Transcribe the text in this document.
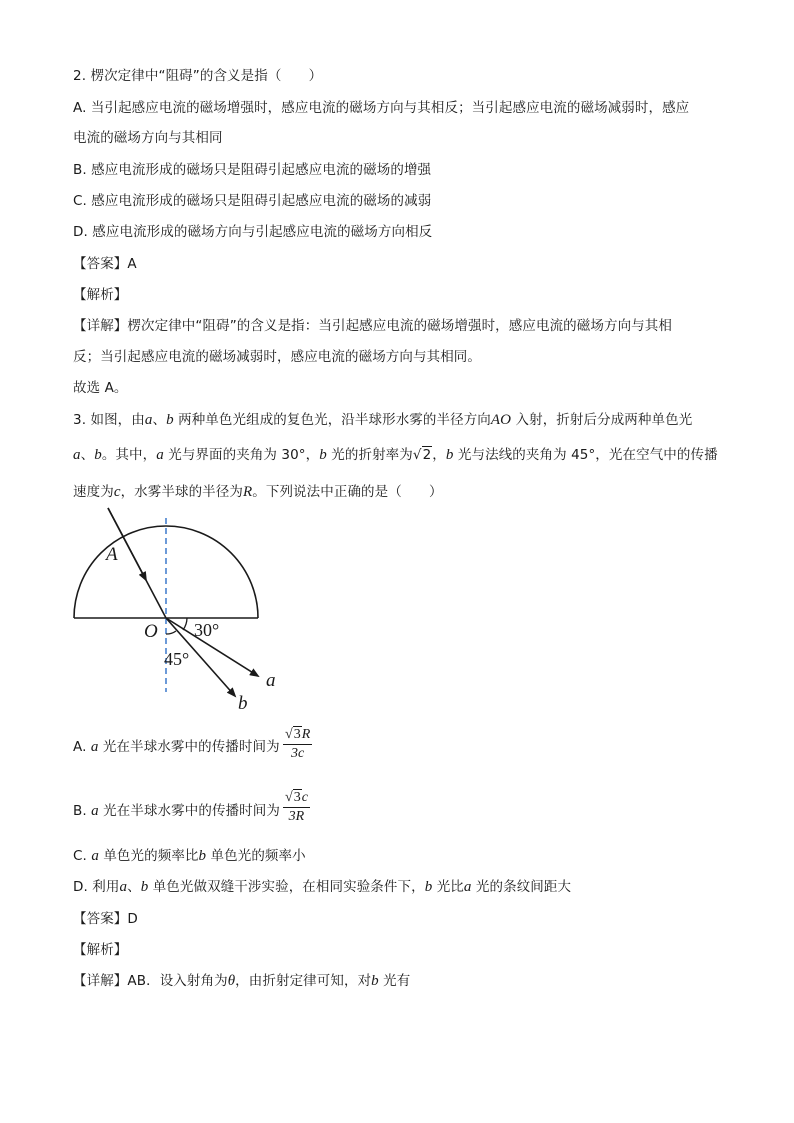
2. 楞次定律中“阻碍”的含义是指（　　）
A. 当引起感应电流的磁场增强时，感应电流的磁场方向与其相反；当引起感应电流的磁场减弱时，感应
电流的磁场方向与其相同
B. 感应电流形成的磁场只是阻碍引起感应电流的磁场的增强
C. 感应电流形成的磁场只是阻碍引起感应电流的磁场的减弱
D. 感应电流形成的磁场方向与引起感应电流的磁场方向相反
【答案】A
【解析】
【详解】楞次定律中“阻碍”的含义是指：当引起感应电流的磁场增强时，感应电流的磁场方向与其相
反；当引起感应电流的磁场减弱时，感应电流的磁场方向与其相同。
故选 A。
3. 如图，由a、b 两种单色光组成的复色光，沿半球形水雾的半径方向AO 入射，折射后分成两种单色光
a、b。其中，a 光与界面的夹角为 30°，b 光的折射率为√2，b 光与法线的夹角为 45°，光在空气中的传播
速度为c，水雾半球的半径为R。下列说法中正确的是（　　）
A
O 30°
45°
a
b
A. a 光在半球水雾中的传播时间为 $\frac{√3R}{3c}$
B. a 光在半球水雾中的传播时间为 $\frac{√3c}{3R}$
C. a 单色光的频率比b 单色光的频率小
D. 利用a、b 单色光做双缝干涉实验，在相同实验条件下，b 光比a 光的条纹间距大
【答案】D
【解析】
【详解】AB．设入射角为θ，由折射定律可知，对b 光有
